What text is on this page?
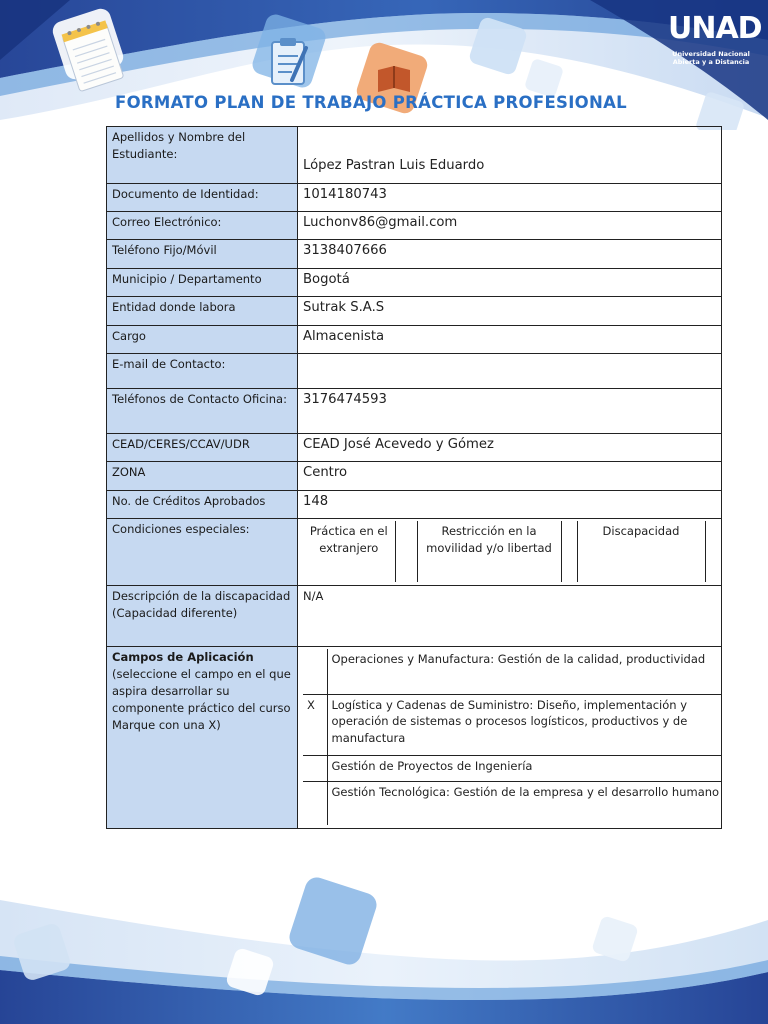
UNAD
Universidad Nacional
Abierta y a Distancia
FORMATO PLAN DE TRABAJO PRÁCTICA PROFESIONAL
Apellidos y Nombre del Estudiante:	López Pastran Luis Eduardo
Documento de Identidad:	1014180743
Correo Electrónico:	Luchonv86@gmail.com
Teléfono Fijo/Móvil	3138407666
Municipio / Departamento	Bogotá
Entidad donde labora	Sutrak S.A.S
Cargo	Almacenista
E-mail de Contacto:	
Teléfonos de Contacto Oficina:	3176474593
CEAD/CERES/CCAV/UDR	CEAD José Acevedo y Gómez
ZONA	Centro
No. de Créditos Aprobados	148
Condiciones especiales:		Práctica en el extranjero		Restricción en la movilidad y/o libertad		Discapacidad	

Descripción de la discapacidad (Capacidad diferente)	N/A
Campos de Aplicación
(seleccione el campo en el que aspira desarrollar su componente práctico del curso Marque con una X)	
	Operaciones y Manufactura: Gestión de la calidad, productividad
X	Logística y Cadenas de Suministro: Diseño, implementación y operación de sistemas o procesos logísticos, productivos y de manufactura
	Gestión de Proyectos de Ingeniería
	Gestión Tecnológica: Gestión de la empresa y el desarrollo humano
